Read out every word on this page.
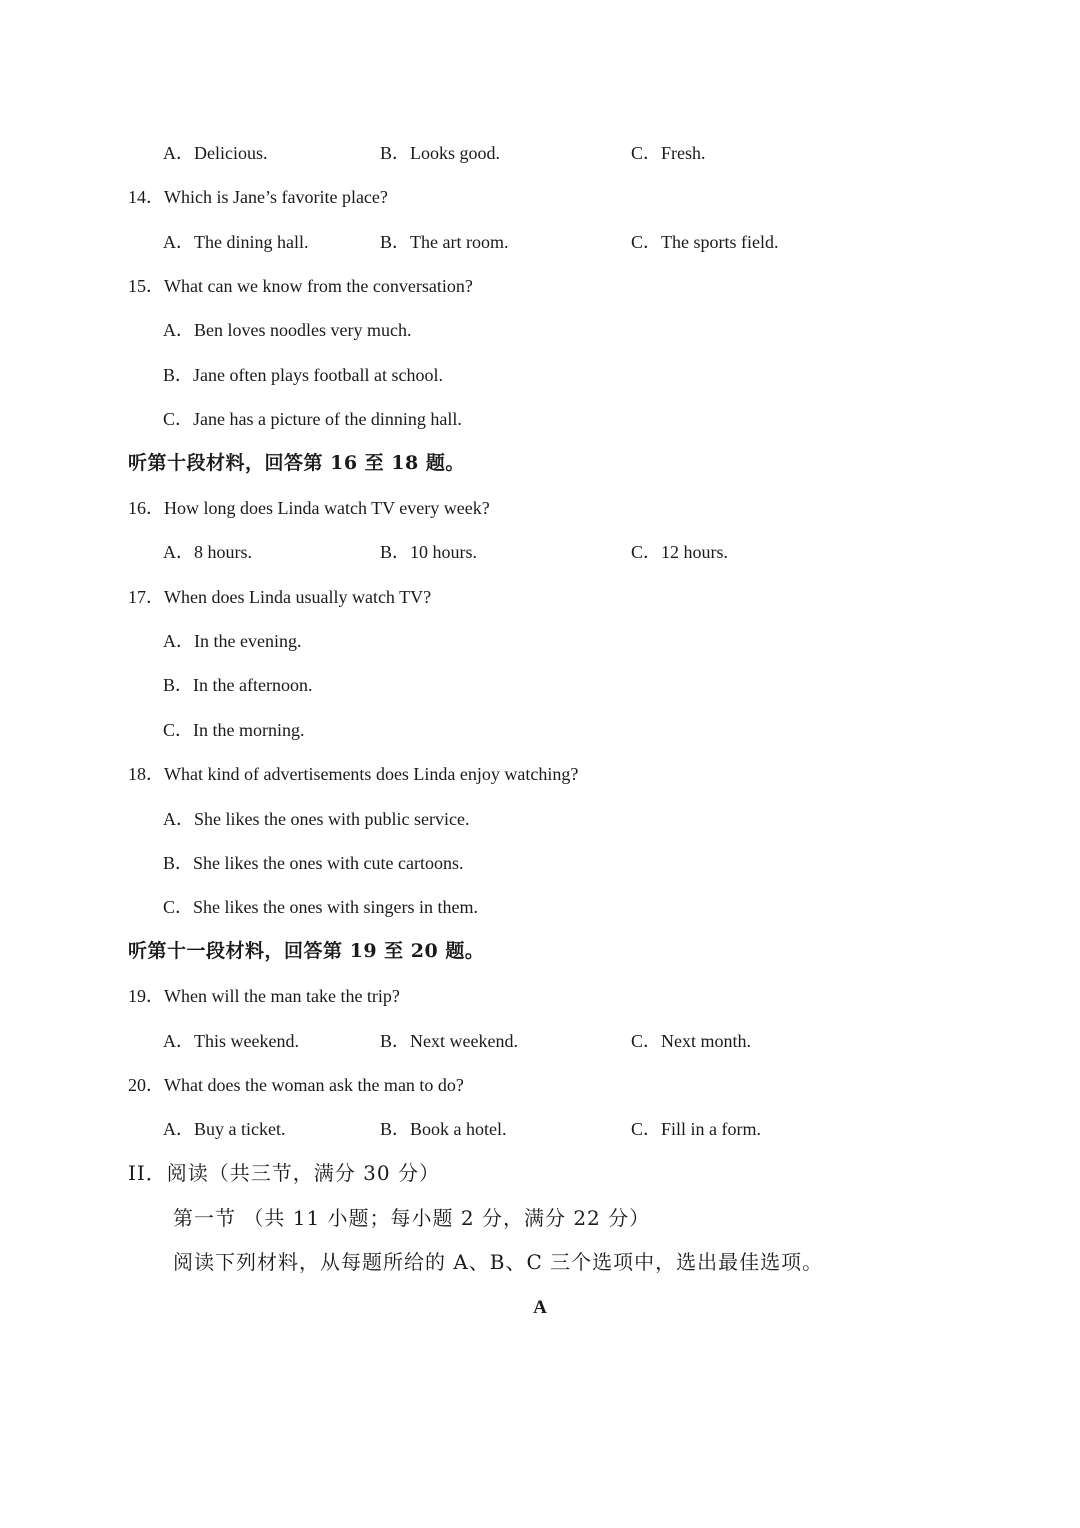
A．Delicious.	B．Looks good.	C．Fresh.
14．Which is Jane’s favorite place?
A．The dining hall.	B．The art room.	C．The sports field.
15．What can we know from the conversation?
A．Ben loves noodles very much.
B．Jane often plays football at school.
C．Jane has a picture of the dinning hall.
听第十段材料，回答第 16 至 18 题。
16．How long does Linda watch TV every week?
A．8 hours.	B．10 hours.	C．12 hours.
17．When does Linda usually watch TV?
A．In the evening.
B．In the afternoon.
C．In the morning.
18．What kind of advertisements does Linda enjoy watching?
A．She likes the ones with public service.
B．She likes the ones with cute cartoons.
C．She likes the ones with singers in them.
听第十一段材料，回答第 19 至 20 题。
19．When will the man take the trip?
A．This weekend.	B．Next weekend.	C．Next month.
20．What does the woman ask the man to do?
A．Buy a ticket.	B．Book a hotel.	C．Fill in a form.
II．阅读（共三节，满分 30 分）
第一节 （共 11 小题；每小题 2 分，满分 22 分）
阅读下列材料，从每题所给的 A、B、C 三个选项中，选出最佳选项。
A
